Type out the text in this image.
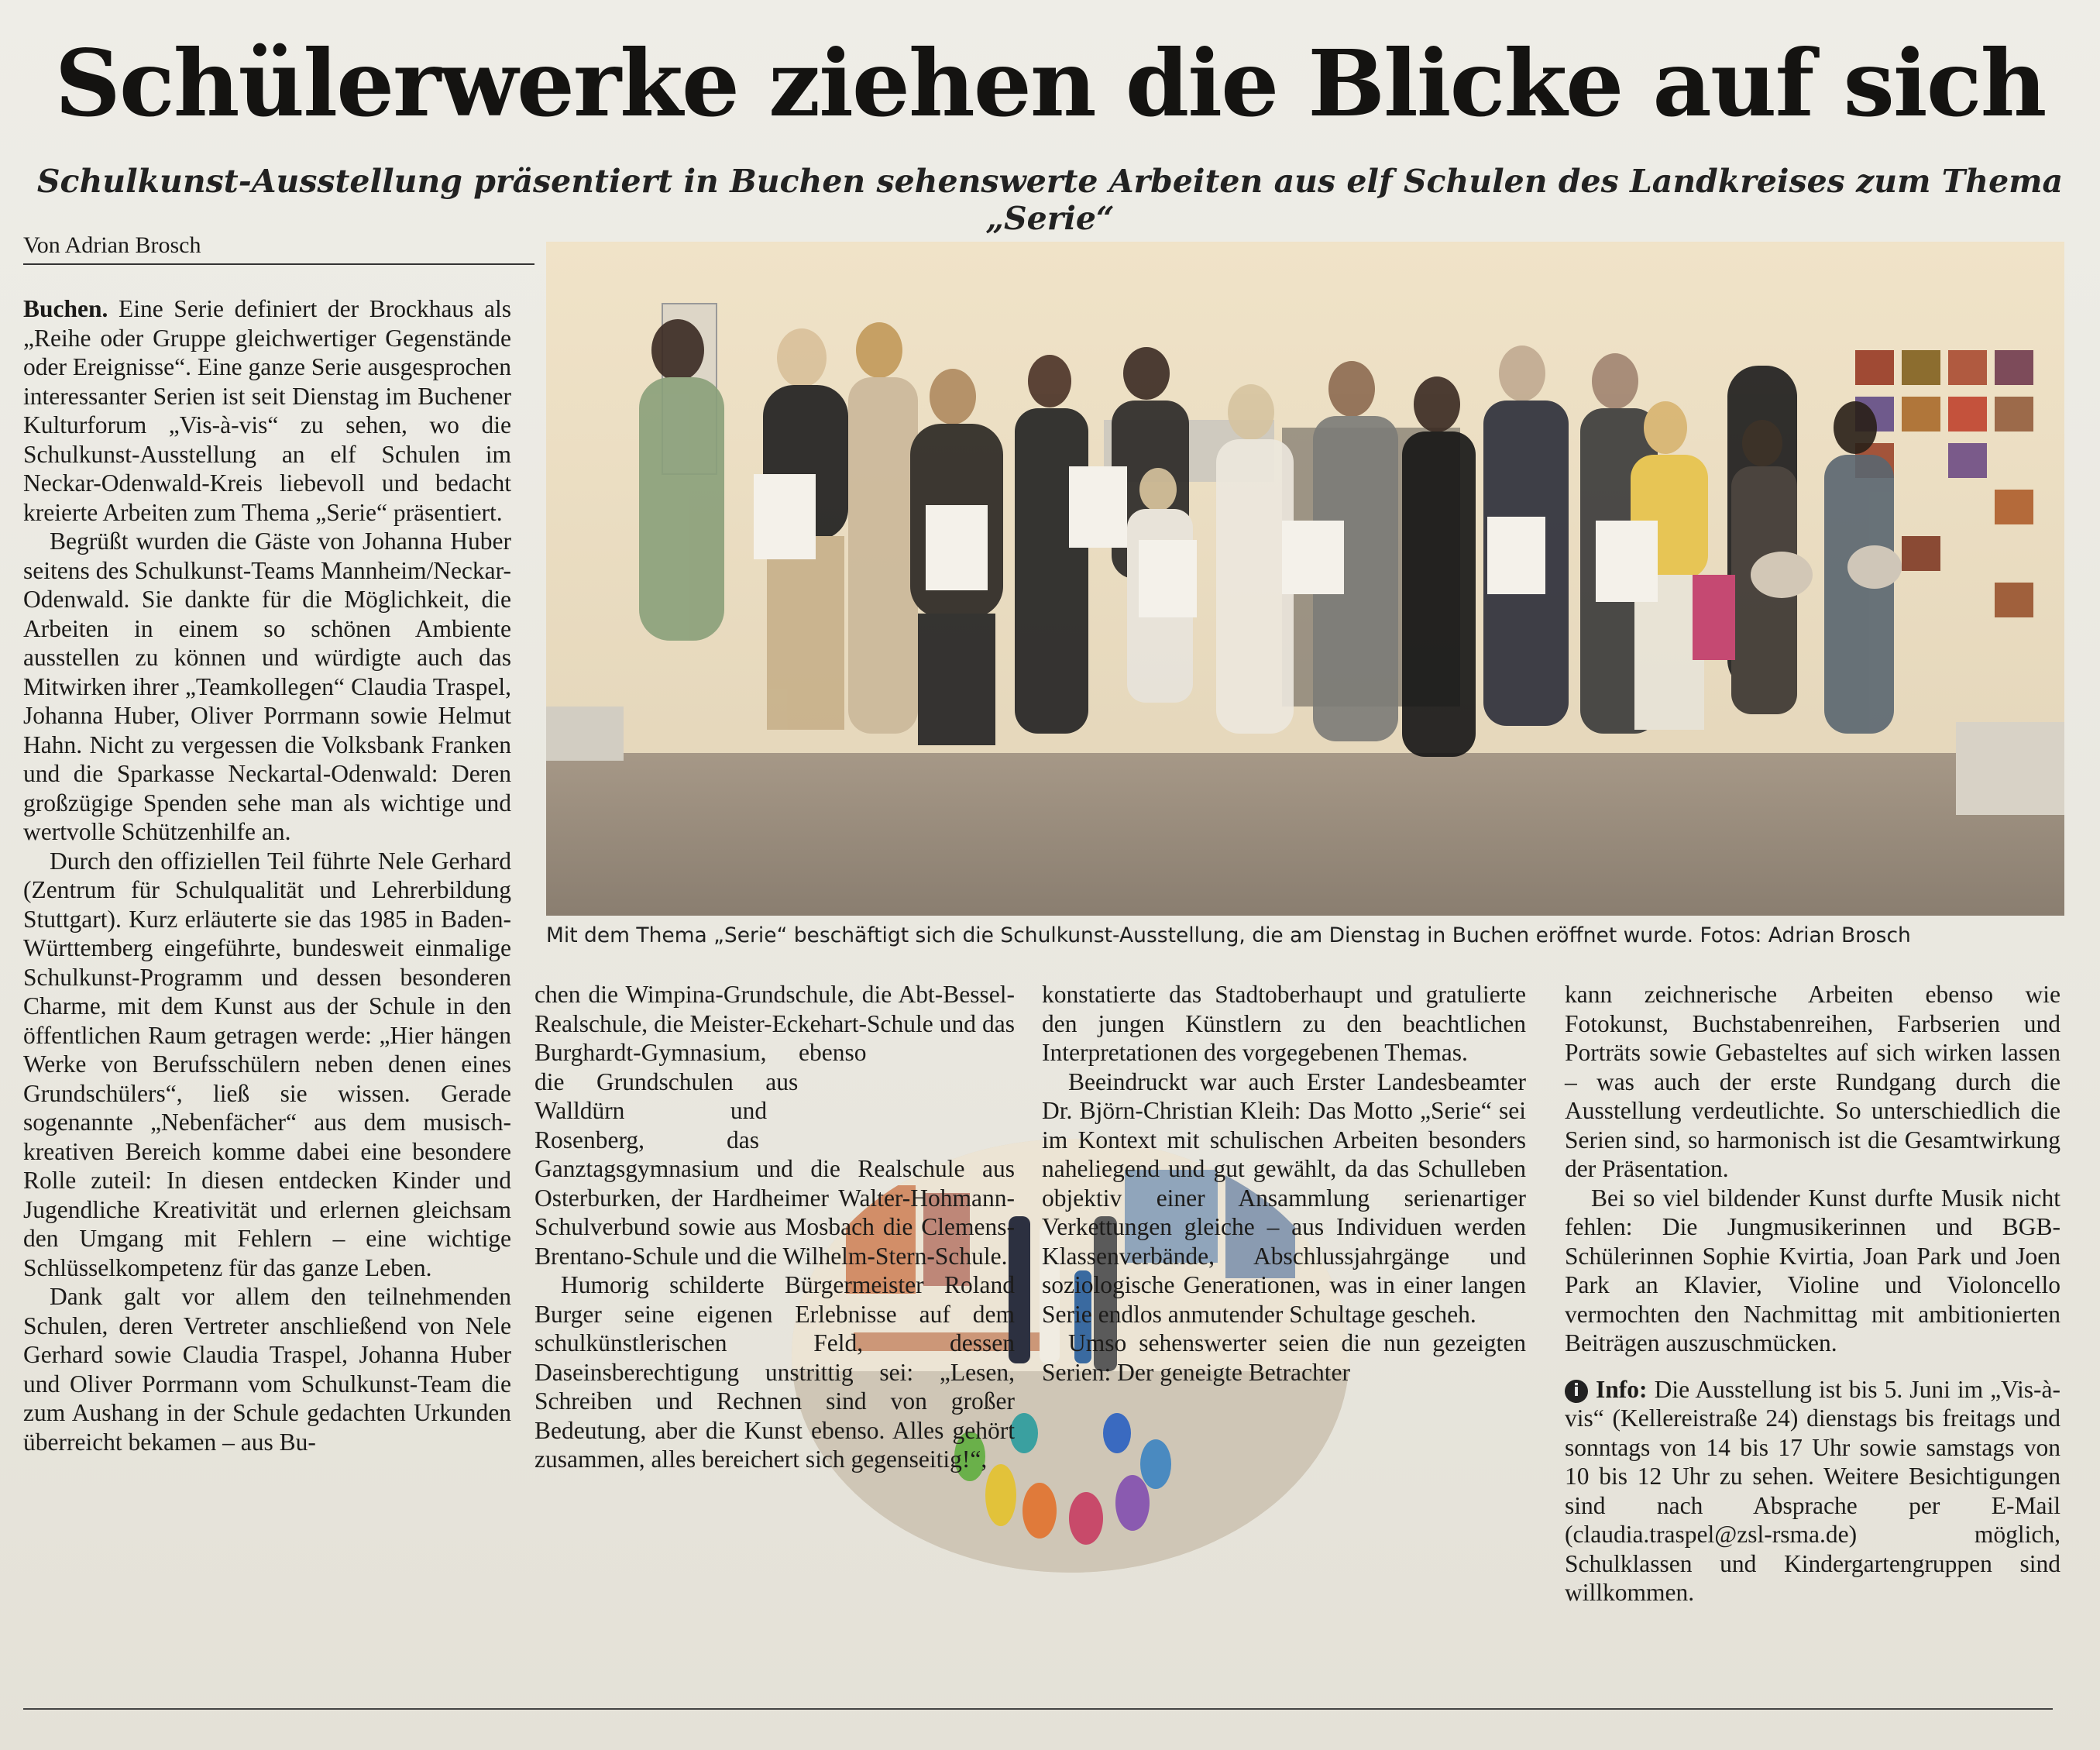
Schülerwerke ziehen die Blicke auf sich
Schulkunst-Ausstellung präsentiert in Buchen sehenswerte Arbeiten aus elf Schulen des Landkreises zum Thema „Serie“
Von Adrian Brosch

Mit dem Thema „Serie“ beschäftigt sich die Schulkunst-Ausstellung, die am Dienstag in Buchen eröffnet wurde. Fotos: Adrian Brosch

Buchen. Eine Serie definiert der Brockhaus als „Reihe oder Gruppe gleichwertiger Gegenstände oder Ereignisse“. Eine ganze Serie ausgesprochen interessanter Serien ist seit Dienstag im Buchener Kulturforum „Vis-à-vis“ zu sehen, wo die Schulkunst-Ausstellung an elf Schulen im Neckar-Odenwald-Kreis liebevoll und bedacht kreierte Arbeiten zum Thema „Serie“ präsentiert.

Begrüßt wurden die Gäste von Johanna Huber seitens des Schulkunst-Teams Mannheim/Neckar-Odenwald. Sie dankte für die Möglichkeit, die Arbeiten in einem so schönen Ambiente ausstellen zu können und würdigte auch das Mitwirken ihrer „Teamkollegen“ Claudia Traspel, Johanna Huber, Oliver Porrmann sowie Helmut Hahn. Nicht zu vergessen die Volksbank Franken und die Sparkasse Neckartal-Odenwald: Deren großzügige Spenden sehe man als wichtige und wertvolle Schützenhilfe an.

Durch den offiziellen Teil führte Nele Gerhard (Zentrum für Schulqualität und Lehrerbildung Stuttgart). Kurz erläuterte sie das 1985 in Baden-Württemberg eingeführte, bundesweit einmalige Schulkunst-Programm und dessen besonderen Charme, mit dem Kunst aus der Schule in den öffentlichen Raum getragen werde: „Hier hängen Werke von Berufsschülern neben denen eines Grundschülers“, ließ sie wissen. Gerade sogenannte „Nebenfächer“ aus dem musisch-kreativen Bereich komme dabei eine besondere Rolle zuteil: In diesen entdecken Kinder und Jugendliche Kreativität und erlernen gleichsam den Umgang mit Fehlern – eine wichtige Schlüsselkompetenz für das ganze Leben.

Dank galt vor allem den teilnehmenden Schulen, deren Vertreter anschließend von Nele Gerhard sowie Claudia Traspel, Johanna Huber und Oliver Porrmann vom Schulkunst-Team die zum Aushang in der Schule gedachten Urkunden überreicht bekamen – aus Bu-

chen die Wimpina-Grundschule, die Abt-Bessel-Realschule, die Meister-Eckehart-Schule und das Burghardt-Gymnasium, ebenso die Grundschulen aus Walldürn und Rosenberg, das Ganztagsgymnasium und die Realschule aus Osterburken, der Hardheimer Walter-Hohmann-Schulverbund sowie aus Mosbach die Clemens-Brentano-Schule und die Wilhelm-Stern-Schule.

Humorig schilderte Bürgermeister Roland Burger seine eigenen Erlebnisse auf dem schulkünstlerischen Feld, dessen Daseinsberechtigung unstrittig sei: „Lesen, Schreiben und Rechnen sind von großer Bedeutung, aber die Kunst ebenso. Alles gehört zusammen, alles bereichert sich gegenseitig!“,

konstatierte das Stadtoberhaupt und gratulierte den jungen Künstlern zu den beachtlichen Interpretationen des vorgegebenen Themas.

Beeindruckt war auch Erster Landesbeamter Dr. Björn-Christian Kleih: Das Motto „Serie“ sei im Kontext mit schulischen Arbeiten besonders naheliegend und gut gewählt, da das Schulleben objektiv einer Ansammlung serienartiger Verkettungen gleiche – aus Individuen werden Klassenverbände, Abschlussjahrgänge und soziologische Generationen, was in einer langen Serie endlos anmutender Schultage gescheh.

Umso sehenswerter seien die nun gezeigten Serien: Der geneigte Betrachter

kann zeichnerische Arbeiten ebenso wie Fotokunst, Buchstabenreihen, Farbserien und Porträts sowie Gebasteltes auf sich wirken lassen – was auch der erste Rundgang durch die Ausstellung verdeutlichte. So unterschiedlich die Serien sind, so harmonisch ist die Gesamtwirkung der Präsentation.

Bei so viel bildender Kunst durfte Musik nicht fehlen: Die Jungmusikerinnen und BGB-Schülerinnen Sophie Kvirtia, Joan Park und Joen Park an Klavier, Violine und Violoncello vermochten den Nachmittag mit ambitionierten Beiträgen auszuschmücken.

i Info: Die Ausstellung ist bis 5. Juni im „Vis-à-vis“ (Kellereistraße 24) dienstags bis freitags und sonntags von 14 bis 17 Uhr sowie samstags von 10 bis 12 Uhr zu sehen. Weitere Besichtigungen sind nach Absprache per E-Mail (claudia.traspel@zsl-rsma.de) möglich, Schulklassen und Kindergartengruppen sind willkommen.
